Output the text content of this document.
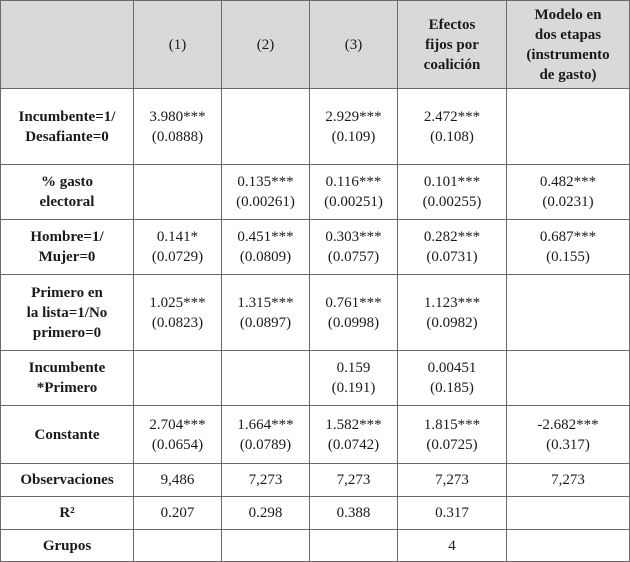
	(1)	(2)	(3)	Efectos
fijos por
coalición	Modelo en
dos etapas
(instrumento
de gasto)

Incumbente=1/
Desafiante=0	3.980***
(0.0888)		2.929***
(0.109)	2.472***
(0.108)	

% gasto
electoral		0.135***
(0.00261)	0.116***
(0.00251)	0.101***
(0.00255)	0.482***
(0.0231)

Hombre=1/
Mujer=0	0.141*
(0.0729)	0.451***
(0.0809)	0.303***
(0.0757)	0.282***
(0.0731)	0.687***
(0.155)

Primero en
la lista=1/No
primero=0	1.025***
(0.0823)	1.315***
(0.0897)	0.761***
(0.0998)	1.123***
(0.0982)	

Incumbente
*Primero			0.159
(0.191)	0.00451
(0.185)	

Constante	2.704***
(0.0654)	1.664***
(0.0789)	1.582***
(0.0742)	1.815***
(0.0725)	-2.682***
(0.317)

Observaciones	9,486	7,273	7,273	7,273	7,273

R²	0.207	0.298	0.388	0.317	

Grupos				4	
